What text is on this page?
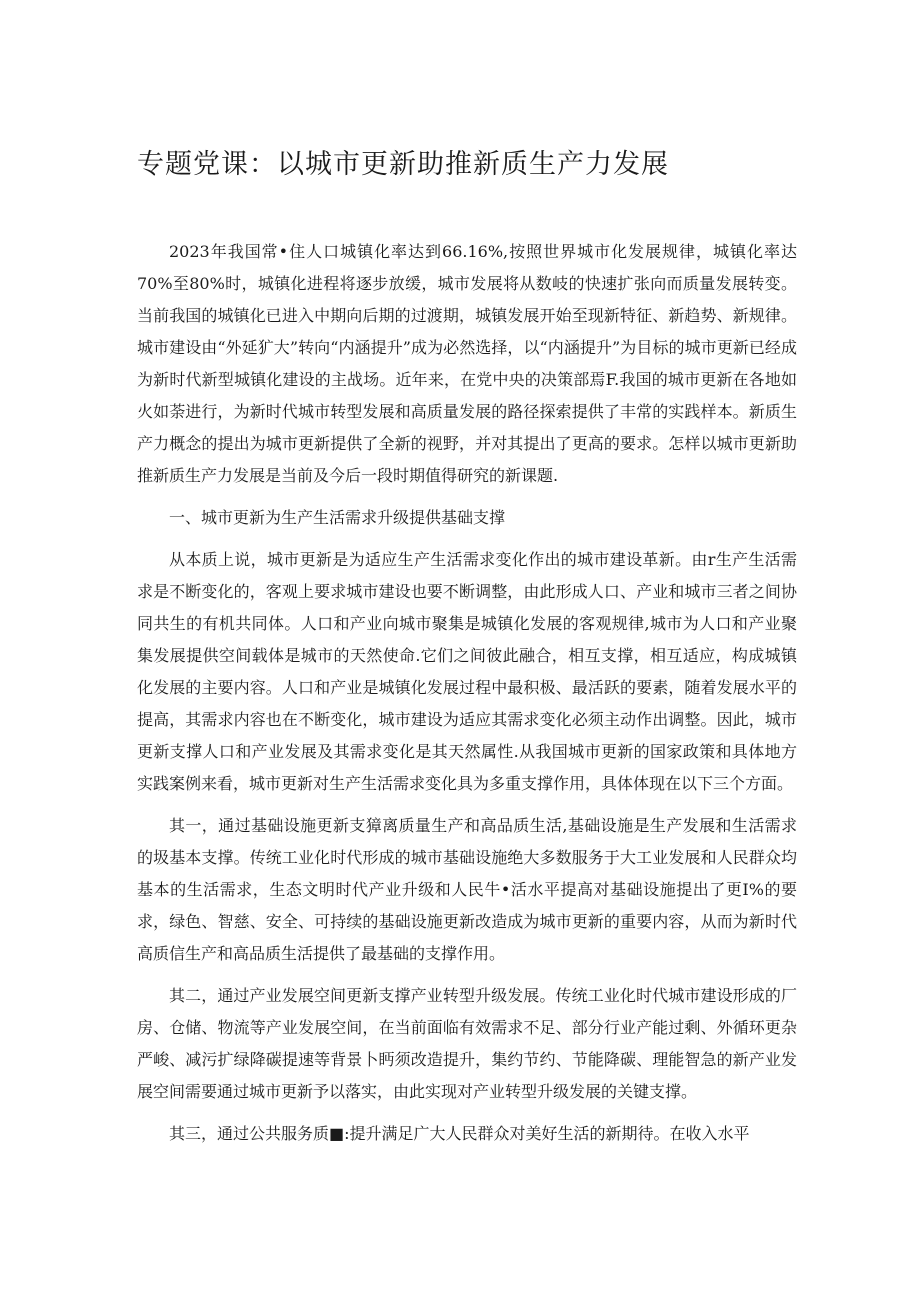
专题党课：以城市更新助推新质生产力发展

2023年我国常•住人口城镇化率达到66.16%,按照世界城市化发展规律，城镇化率达70%至80%时，城镇化进程将逐步放缓，城市发展将从数岐的快速扩张向而质量发展转变。当前我国的城镇化已进入中期向后期的过渡期，城镇发展开始至现新特征、新趋势、新规律。城市建设由“外延犷大”转向“内涵提升”成为必然选择，以“内涵提升”为目标的城市更新已经成为新时代新型城镇化建设的主战场。近年来，在党中央的决策部焉F.我国的城市更新在各地如火如荼进行，为新时代城市转型发展和高质量发展的路径探索提供了丰常的实践样本。新质生产力概念的提出为城市更新提供了全新的视野，并对其提出了更高的要求。怎样以城市更新助推新质生产力发展是当前及今后一段时期值得研究的新课题.

一、城市更新为生产生活需求升级提供基础支撑

从本质上说，城市更新是为适应生产生活需求变化作出的城市建设革新。由r生产生活需求是不断变化的，客观上要求城市建设也要不断调整，由此形成人口、产业和城市三者之间协同共生的有机共同体。人口和产业向城市聚集是城镇化发展的客观规律,城市为人口和产业聚集发展提供空间载体是城市的天然使命.它们之间彼此融合，相互支撑，相互适应，构成城镇化发展的主要内容。人口和产业是城镇化发展过程中最积极、最活跃的要素，随着发展水平的提高，其需求内容也在不断变化，城市建设为适应其需求变化必须主动作出调整。因此，城市更新支撑人口和产业发展及其需求变化是其天然属性.从我国城市更新的国家政策和具体地方实践案例来看，城市更新对生产生活需求变化具为多重支撑作用，具体体现在以下三个方面。

其一，通过基础设施更新支獐离质量生产和高品质生活,基础设施是生产发展和生活需求的圾基本支撑。传统工业化时代形成的城市基础设施绝大多数服务于大工业发展和人民群众均基本的生活需求，生态文明时代产业升级和人民牛•活水平提高对基础设施提出了更I%的要求，绿色、智慈、安全、可持续的基础设施更新改造成为城市更新的重要内容，从而为新时代高质信生产和高品质生活提供了最基础的支撑作用。

其二，通过产业发展空间更新支撑产业转型升级发展。传统工业化时代城市建设形成的厂房、仓储、物流等产业发展空间，在当前面临有效需求不足、部分行业产能过剩、外循环更杂严峻、减污扩绿降碳提速等背景卜眄须改造提升，集约节约、节能降碳、理能智急的新产业发展空间需要通过城市更新予以落实，由此实现对产业转型升级发展的关键支撑。

其三，通过公共服务质■:提升满足广大人民群众对美好生活的新期待。在收入水平
